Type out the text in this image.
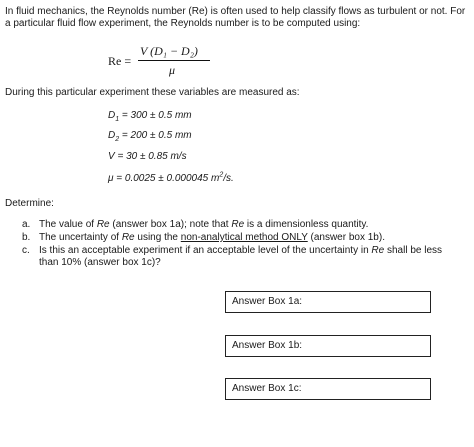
In fluid mechanics, the Reynolds number (Re) is often used to help classify flows as turbulent or not. For a particular fluid flow experiment, the Reynolds number is to be computed using:
Re =
V (D₁ − D₂)
μ
During this particular experiment these variables are measured as:
$D_1 = 300 \pm 0.5$ mm
$D_2 = 200 \pm 0.5$ mm
V = 30 ± 0.85 m/s
μ = 0.0025 ± 0.000045 $m^2/s$.
Determine:
a. The value of Re (answer box 1a); note that Re is a dimensionless quantity.
b. The uncertainty of Re using the non-analytical method ONLY (answer box 1b).
c. Is this an acceptable experiment if an acceptable level of the uncertainty in Re shall be less than 10% (answer box 1c)?
Answer Box 1a:
Answer Box 1b:
Answer Box 1c:
